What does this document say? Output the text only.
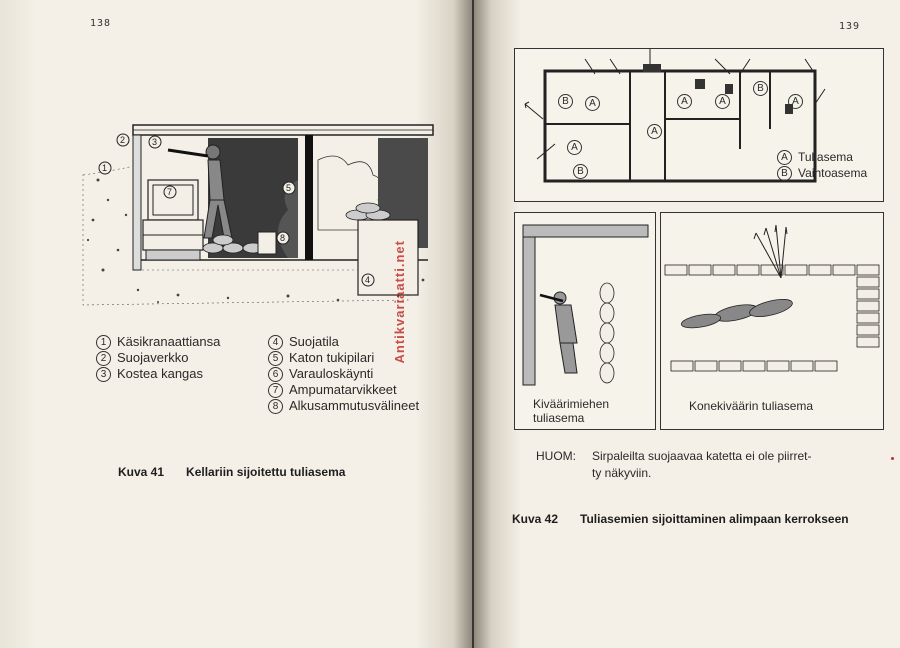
138
2	3
1
7	5
8
4
1 Käsikranaattiansa
2 Suojaverkko
3 Kostea kangas
4 Suojatila
5 Katon tukipilari
6 Varauloskäynti
7 Ampumatarvikkeet
8 Alkusammutusvälineet
Antikvariaatti.net
Kuva 41 Kellariin sijoitettu tuliasema
139
B	A
A
A
B
A	A
B
A
A Tuliasema
B Vaihtoasema
Kiväärimiehen
tuliasema
Konekiväärin tuliasema
HUOM: Sirpaleilta suojaavaa katetta ei ole piirret-
ty näkyviin.
Kuva 42 Tuliasemien sijoittaminen alimpaan kerrokseen
